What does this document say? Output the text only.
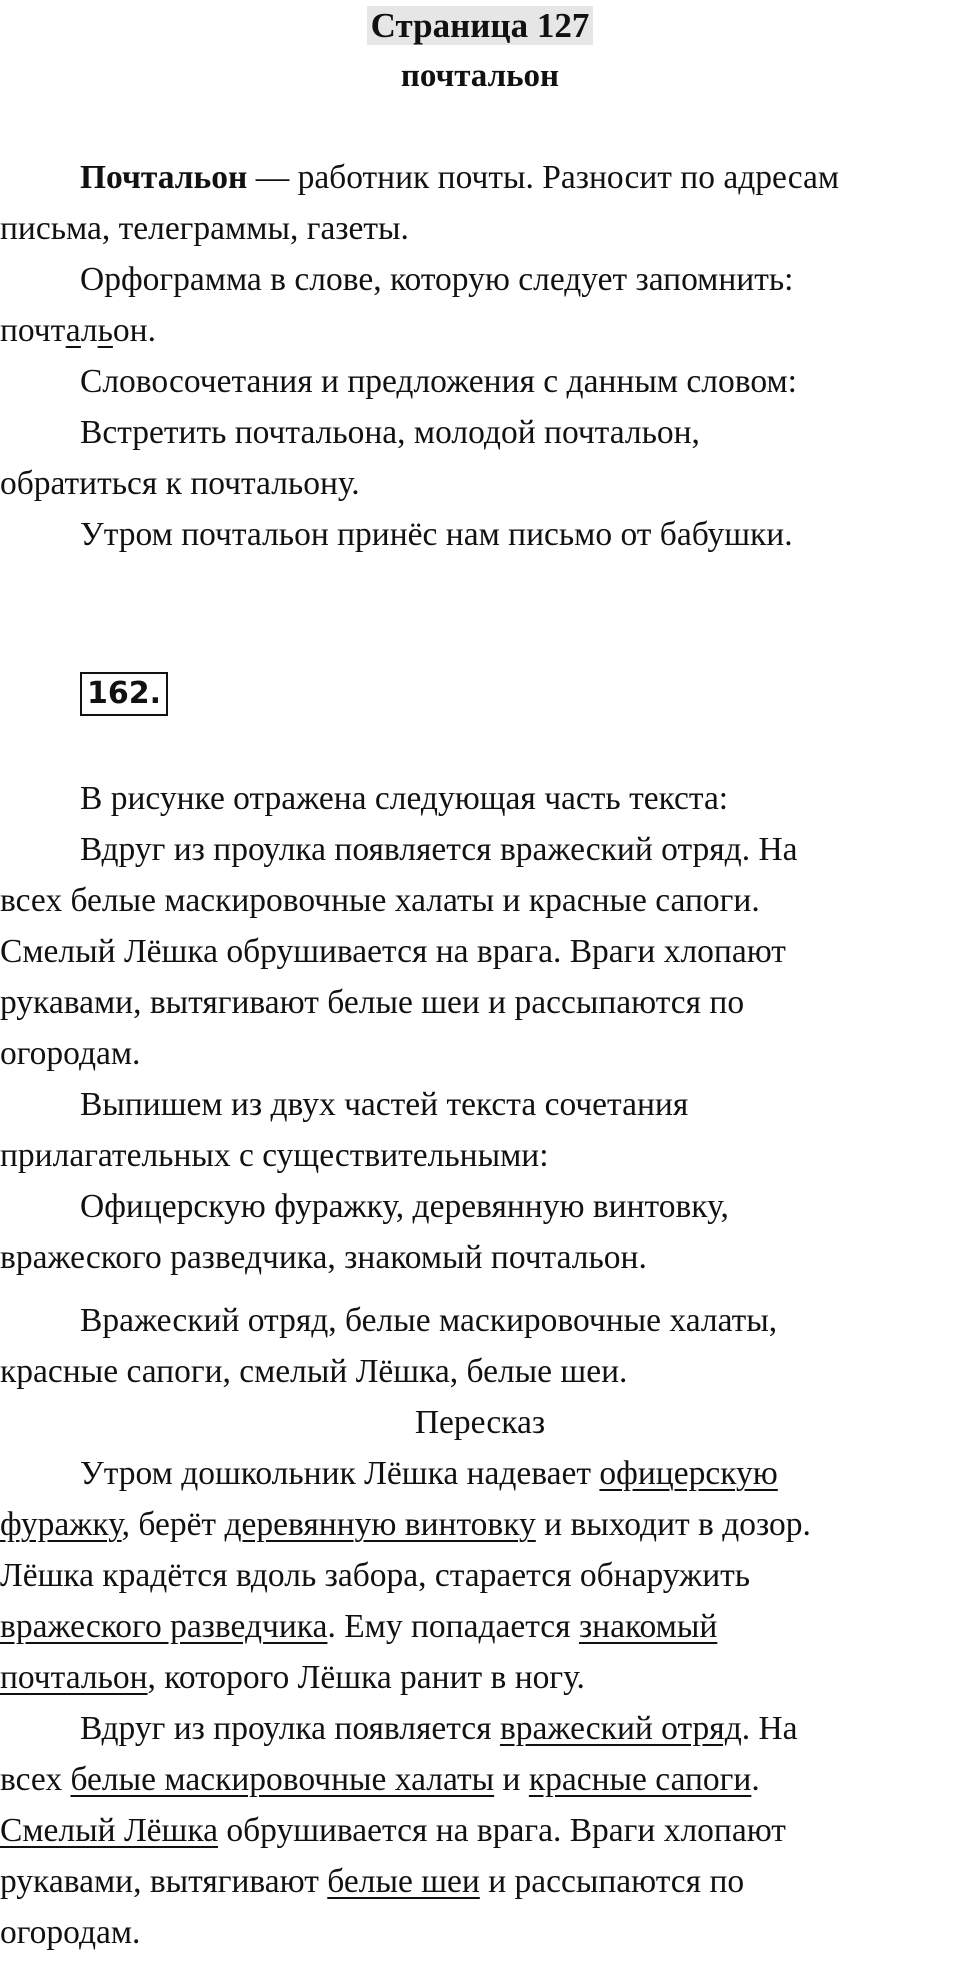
Страница 127
почтальон
Почтальон — работник почты. Разносит по адресам
письма, телеграммы, газеты.
Орфограмма в слове, которую следует запомнить:
почтальон.
Словосочетания и предложения с данным словом:
Встретить почтальона, молодой почтальон,
обратиться к почтальону.
Утром почтальон принёс нам письмо от бабушки.
162.
В рисунке отражена следующая часть текста:
Вдруг из проулка появляется вражеский отряд. На
всех белые маскировочные халаты и красные сапоги.
Смелый Лёшка обрушивается на врага. Враги хлопают
рукавами, вытягивают белые шеи и рассыпаются по
огородам.
Выпишем из двух частей текста сочетания
прилагательных с существительными:
Офицерскую фуражку, деревянную винтовку,
вражеского разведчика, знакомый почтальон.
Вражеский отряд, белые маскировочные халаты,
красные сапоги, смелый Лёшка, белые шеи.
Пересказ
Утром дошкольник Лёшка надевает офицерскую
фуражку, берёт деревянную винтовку и выходит в дозор.
Лёшка крадётся вдоль забора, старается обнаружить
вражеского разведчика. Ему попадается знакомый
почтальон, которого Лёшка ранит в ногу.
Вдруг из проулка появляется вражеский отряд. На
всех белые маскировочные халаты и красные сапоги.
Смелый Лёшка обрушивается на врага. Враги хлопают
рукавами, вытягивают белые шеи и рассыпаются по
огородам.
